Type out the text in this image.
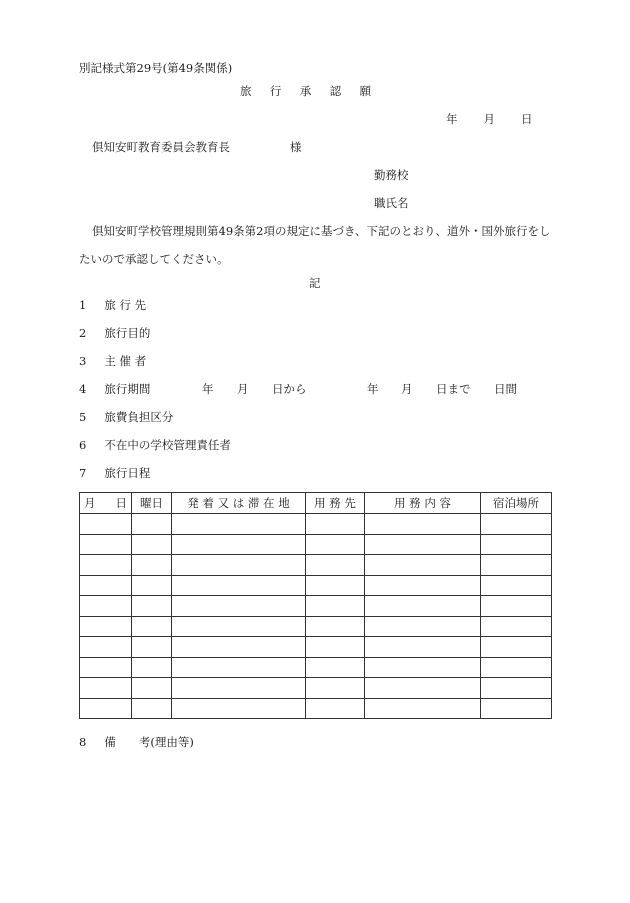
別記様式第29号(第49条関係)
旅　行　承　認　願
年 月 日
倶知安町教育委員会教育長	様
勤務校
職氏名
倶知安町学校管理規則第49条第2項の規定に基づき、下記のとおり、道外・国外旅行をし
たいので承認してください。
記
1 旅 行 先
2 旅行目的
3 主 催 者
4 旅行期間	年 月 日から	年 月 日まで 日間
5 旅費負担区分
6 不在中の学校管理責任者
7 旅行日程
月 日	曜日	発 着 又 は 滞 在 地	用 務 先	用 務 内 容	宿泊場所

8 備　　考(理由等)
